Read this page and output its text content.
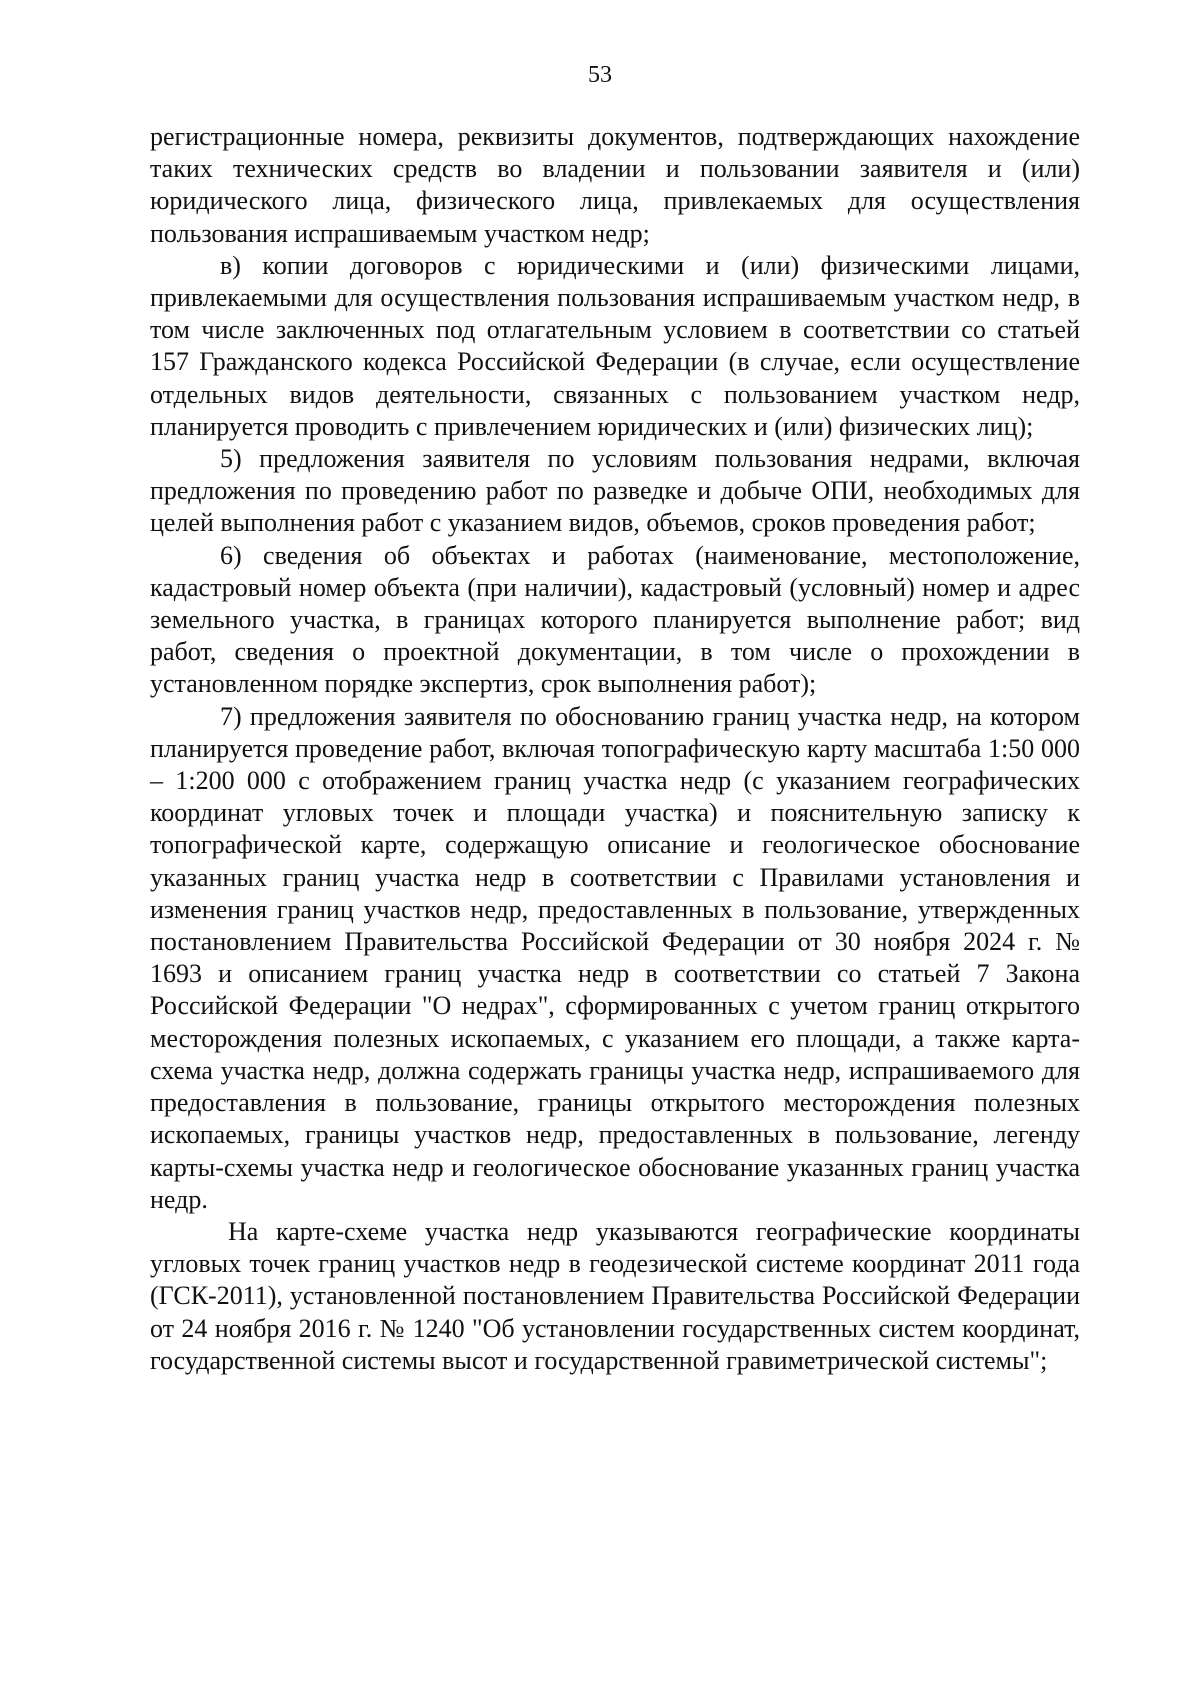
53

регистрационные номера, реквизиты документов, подтверждающих нахождение таких технических средств во владении и пользовании заявителя и (или) юридического лица, физического лица, привлекаемых для осуществления пользования испрашиваемым участком недр;

в) копии договоров с юридическими и (или) физическими лицами, привлекаемыми для осуществления пользования испрашиваемым участком недр, в том числе заключенных под отлагательным условием в соответствии со статьей 157 Гражданского кодекса Российской Федерации (в случае, если осуществление отдельных видов деятельности, связанных с пользованием участком недр, планируется проводить с привлечением юридических и (или) физических лиц);

5) предложения заявителя по условиям пользования недрами, включая предложения по проведению работ по разведке и добыче ОПИ, необходимых для целей выполнения работ с указанием видов, объемов, сроков проведения работ;

6) сведения об объектах и работах (наименование, местоположение, кадастровый номер объекта (при наличии), кадастровый (условный) номер и адрес земельного участка, в границах которого планируется выполнение работ; вид работ, сведения о проектной документации, в том числе о прохождении в установленном порядке экспертиз, срок выполнения работ);

7) предложения заявителя по обоснованию границ участка недр, на котором планируется проведение работ, включая топографическую карту масштаба 1:50 000 – 1:200 000 с отображением границ участка недр (с указанием географических координат угловых точек и площади участка) и пояснительную записку к топографической карте, содержащую описание и геологическое обоснование указанных границ участка недр в соответствии с Правилами установления и изменения границ участков недр, предоставленных в пользование, утвержденных постановлением Правительства Российской Федерации от 30 ноября 2024 г. № 1693 и описанием границ участка недр в соответствии со статьей 7 Закона Российской Федерации "О недрах", сформированных с учетом границ открытого месторождения полезных ископаемых, с указанием его площади, а также карта-схема участка недр, должна содержать границы участка недр, испрашиваемого для предоставления в пользование, границы открытого месторождения полезных ископаемых, границы участков недр, предоставленных в пользование, легенду карты-схемы участка недр и геологическое обоснование указанных границ участка недр.

На карте-схеме участка недр указываются географические координаты угловых точек границ участков недр в геодезической системе координат 2011 года (ГСК-2011), установленной постановлением Правительства Российской Федерации от 24 ноября 2016 г. № 1240 "Об установлении государственных систем координат, государственной системы высот и государственной гравиметрической системы";
